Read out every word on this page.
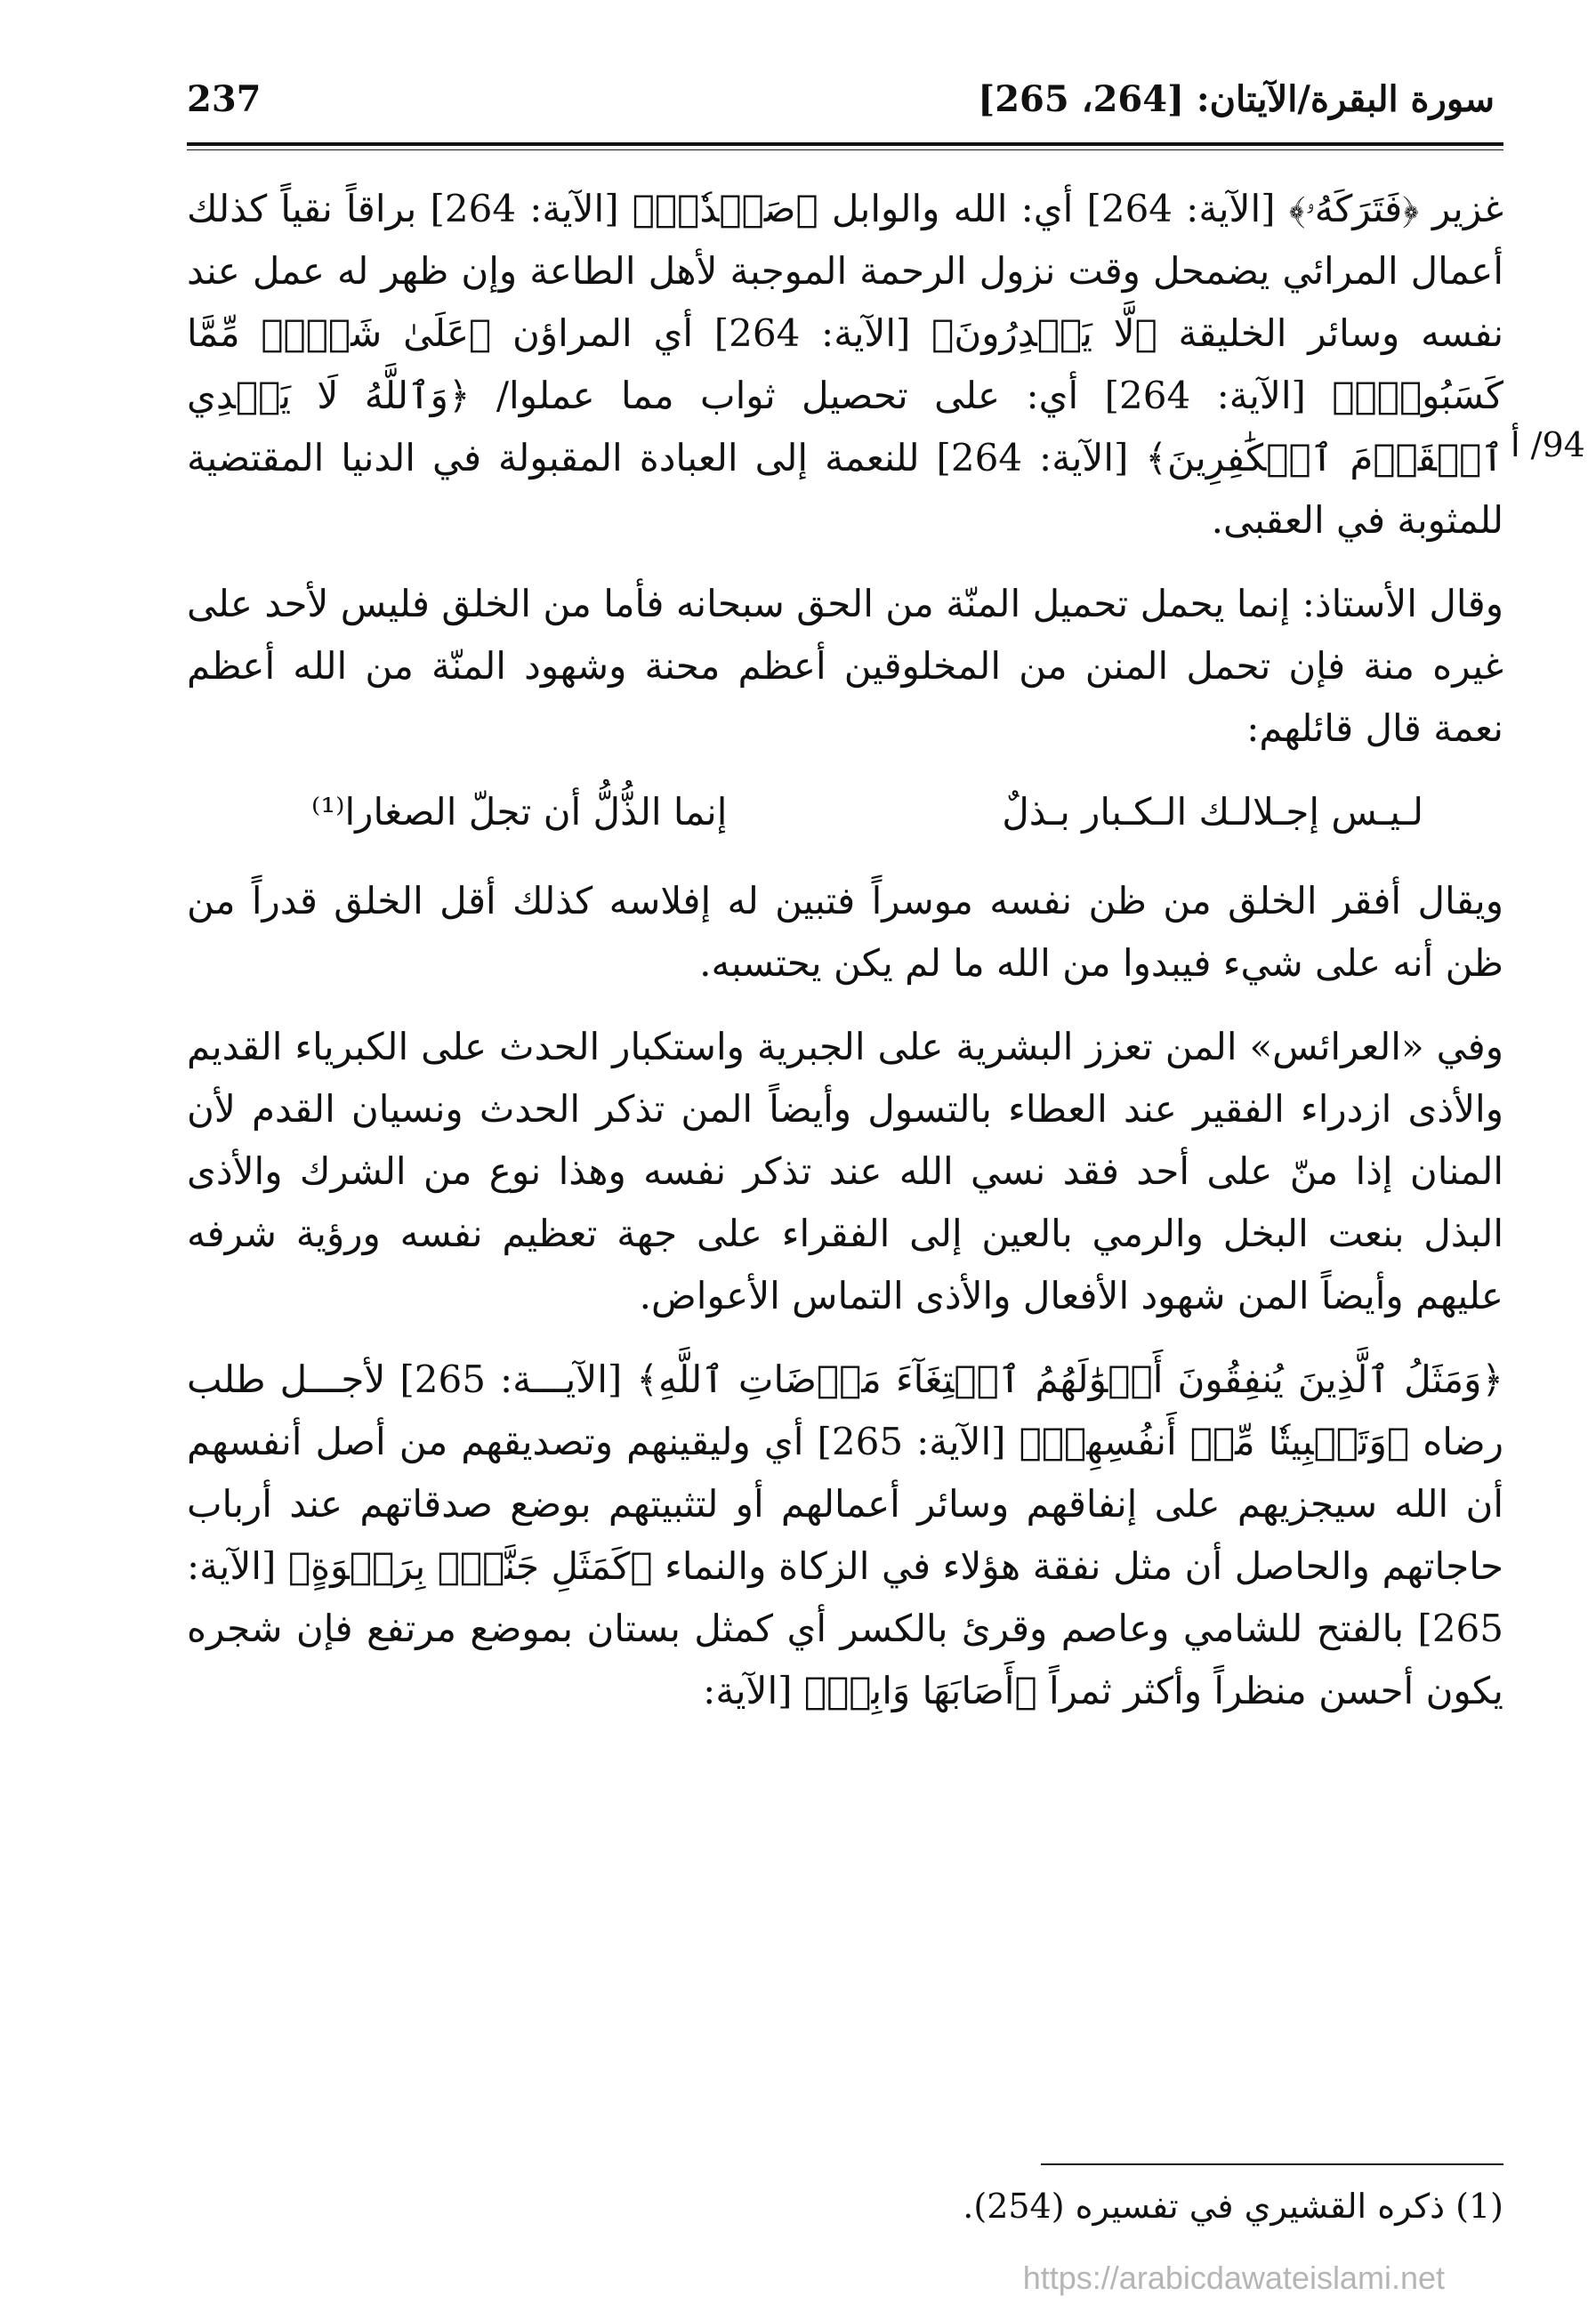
سورة البقرة/الآيتان: [264، 265]
237
94/ أ

غزير ﴿فَتَرَكَهُۥ﴾ [الآية: 264] أي: الله والوابل ﴿صَلۡدٗاۖ﴾ [الآية: 264] براقاً نقياً كذلك أعمال المرائي يضمحل وقت نزول الرحمة الموجبة لأهل الطاعة وإن ظهر له عمل عند نفسه وسائر الخليقة ﴿لَّا يَقۡدِرُونَ﴾ [الآية: 264] أي المراؤن ﴿عَلَىٰ شَيۡءٖ مِّمَّا كَسَبُواْۗ﴾ [الآية: 264] أي: على تحصيل ثواب مما عملوا/ ﴿وَٱللَّهُ لَا يَهۡدِي ٱلۡقَوۡمَ ٱلۡكَٰفِرِينَ﴾ [الآية: 264] للنعمة إلى العبادة المقبولة في الدنيا المقتضية للمثوبة في العقبى.

وقال الأستاذ: إنما يحمل تحميل المنّة من الحق سبحانه فأما من الخلق فليس لأحد على غيره منة فإن تحمل المنن من المخلوقين أعظم محنة وشهود المنّة من الله أعظم نعمة قال قائلهم:

لـيـس إجـلالـك الـكـبار بـذلٌ
إنما الذُّلُّ أن تجلّ الصغارا⁽¹⁾

ويقال أفقر الخلق من ظن نفسه موسراً فتبين له إفلاسه كذلك أقل الخلق قدراً من ظن أنه على شيء فيبدوا من الله ما لم يكن يحتسبه.

وفي «العرائس» المن تعزز البشرية على الجبرية واستكبار الحدث على الكبرياء القديم والأذى ازدراء الفقير عند العطاء بالتسول وأيضاً المن تذكر الحدث ونسيان القدم لأن المنان إذا منّ على أحد فقد نسي الله عند تذكر نفسه وهذا نوع من الشرك والأذى البذل بنعت البخل والرمي بالعين إلى الفقراء على جهة تعظيم نفسه ورؤية شرفه عليهم وأيضاً المن شهود الأفعال والأذى التماس الأعواض.

﴿وَمَثَلُ ٱلَّذِينَ يُنفِقُونَ أَمۡوَٰلَهُمُ ٱبۡتِغَآءَ مَرۡضَاتِ ٱللَّهِ﴾ [الآيـــة: 265] لأجـــل طلب رضاه ﴿وَتَثۡبِيتٗا مِّنۡ أَنفُسِهِمۡ﴾ [الآية: 265] أي وليقينهم وتصديقهم من أصل أنفسهم أن الله سيجزيهم على إنفاقهم وسائر أعمالهم أو لتثبيتهم بوضع صدقاتهم عند أرباب حاجاتهم والحاصل أن مثل نفقة هؤلاء في الزكاة والنماء ﴿كَمَثَلِ جَنَّةِۢ بِرَبۡوَةٍ﴾ [الآية: 265] بالفتح للشامي وعاصم وقرئ بالكسر أي كمثل بستان بموضع مرتفع فإن شجره يكون أحسن منظراً وأكثر ثمراً ﴿أَصَابَهَا وَابِلٞ﴾ [الآية:

(1) ذكره القشيري في تفسيره (254).
https://arabicdawateislami.net
